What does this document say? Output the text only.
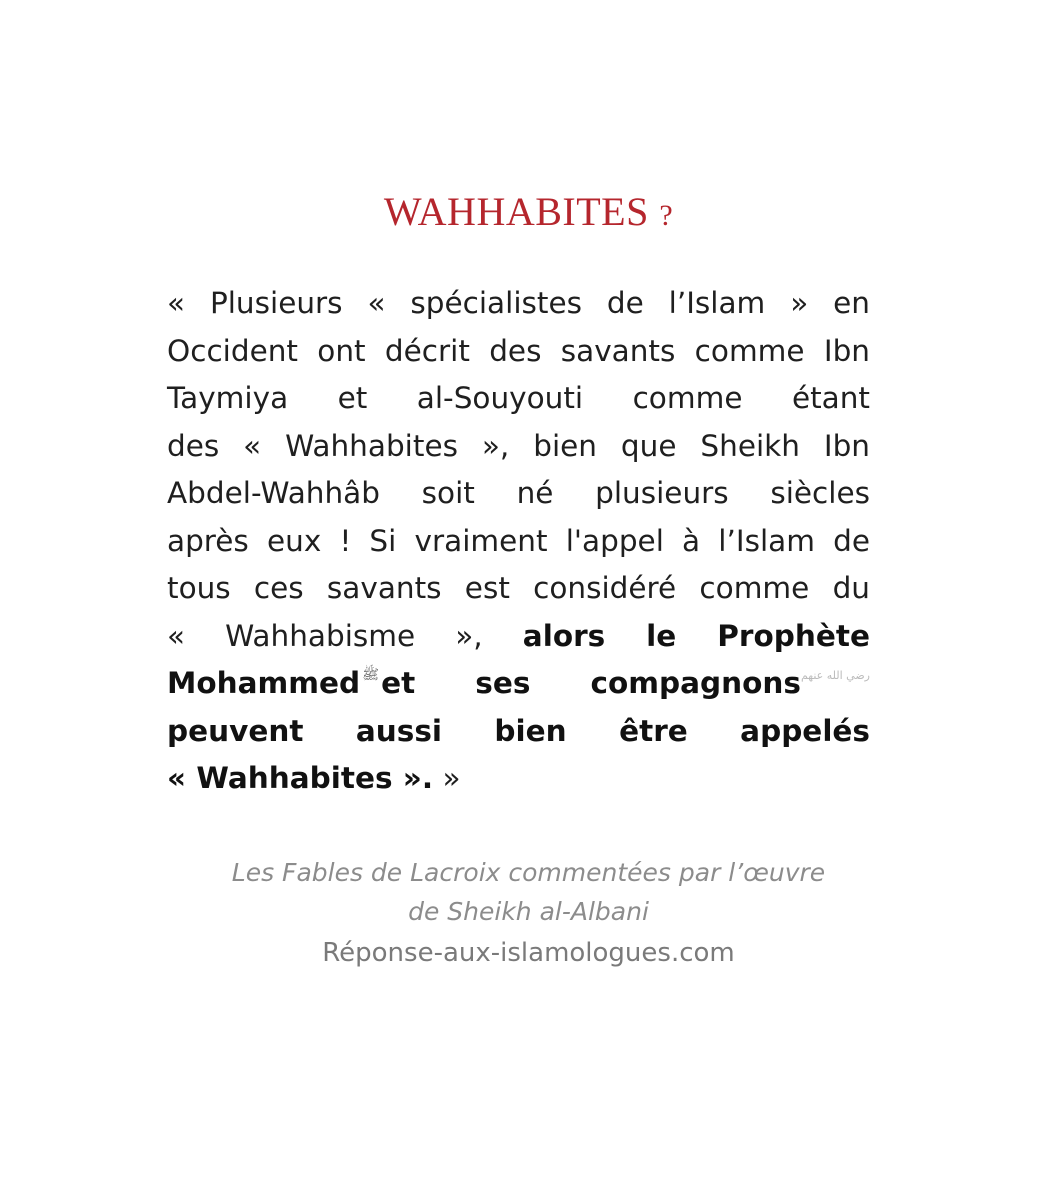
WAHHABITES ?
« Plusieurs « spécialistes de l’Islam » en
Occident ont décrit des savants comme Ibn
Taymiya et al-Souyouti comme étant
des « Wahhabites », bien que Sheikh Ibn
Abdel-Wahhâb soit né plusieurs siècles
après eux ! Si vraiment l'appel à l’Islam de
tous ces savants est considéré comme du
« Wahhabisme », alors le Prophète
Mohammed ﷺet ses compagnonsرضي الله عنهم
peuvent aussi bien être appelés
« Wahhabites ». »
Les Fables de Lacroix commentées par l’œuvre
de Sheikh al-Albani
Réponse-aux-islamologues.com
